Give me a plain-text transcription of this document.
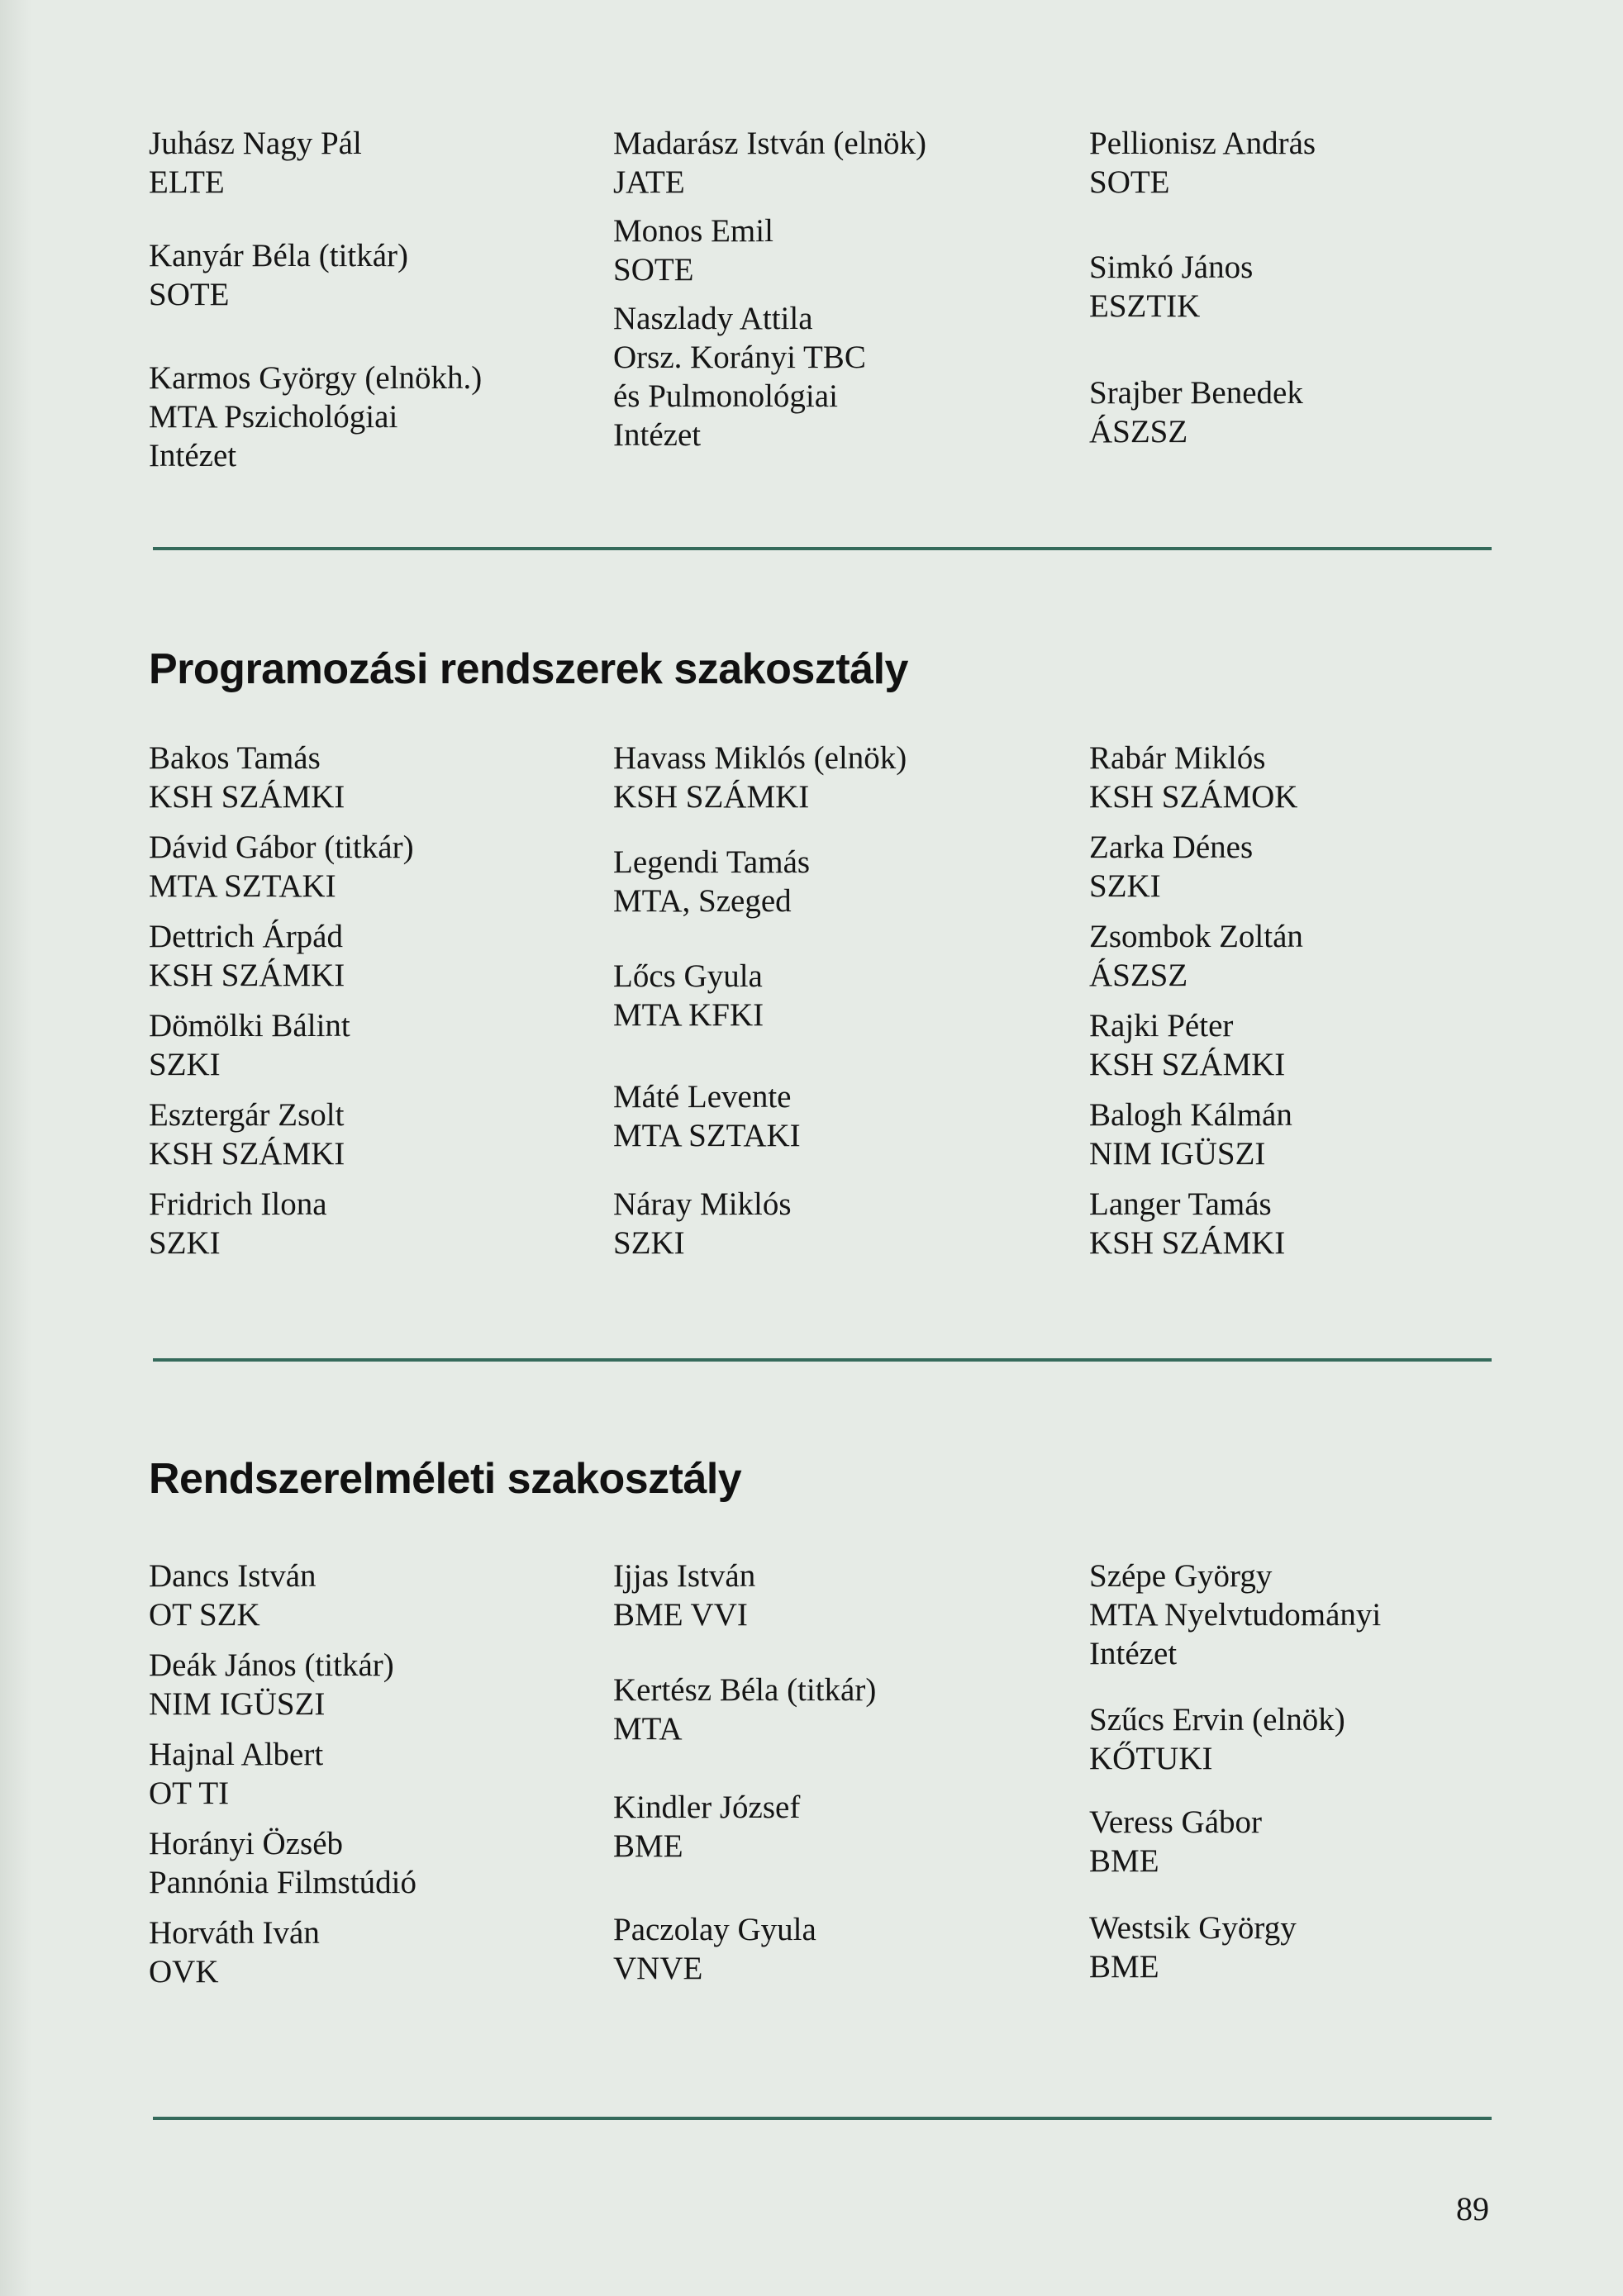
Juhász Nagy Pál
ELTE
Kanyár Béla (titkár)
SOTE
Karmos György (elnökh.)
MTA Pszichológiai
Intézet
Madarász István (elnök)
JATE
Monos Emil
SOTE
Naszlady Attila
Orsz. Korányi TBC
és Pulmonológiai
Intézet
Pellionisz András
SOTE
Simkó János
ESZTIK
Srajber Benedek
ÁSZSZ
Programozási rendszerek szakosztály
Bakos Tamás
KSH SZÁMKI
Dávid Gábor (titkár)
MTA SZTAKI
Dettrich Árpád
KSH SZÁMKI
Dömölki Bálint
SZKI
Esztergár Zsolt
KSH SZÁMKI
Fridrich Ilona
SZKI
Havass Miklós (elnök)
KSH SZÁMKI
Legendi Tamás
MTA, Szeged
Lőcs Gyula
MTA KFKI
Máté Levente
MTA SZTAKI
Náray Miklós
SZKI
Rabár Miklós
KSH SZÁMOK
Zarka Dénes
SZKI
Zsombok Zoltán
ÁSZSZ
Rajki Péter
KSH SZÁMKI
Balogh Kálmán
NIM IGÜSZI
Langer Tamás
KSH SZÁMKI
Rendszerelméleti szakosztály
Dancs István
OT SZK
Deák János (titkár)
NIM IGÜSZI
Hajnal Albert
OT TI
Horányi Özséb
Pannónia Filmstúdió
Horváth Iván
OVK
Ijjas István
BME VVI
Kertész Béla (titkár)
MTA
Kindler József
BME
Paczolay Gyula
VNVE
Szépe György
MTA Nyelvtudományi
Intézet
Szűcs Ervin (elnök)
KŐTUKI
Veress Gábor
BME
Westsik György
BME
89
